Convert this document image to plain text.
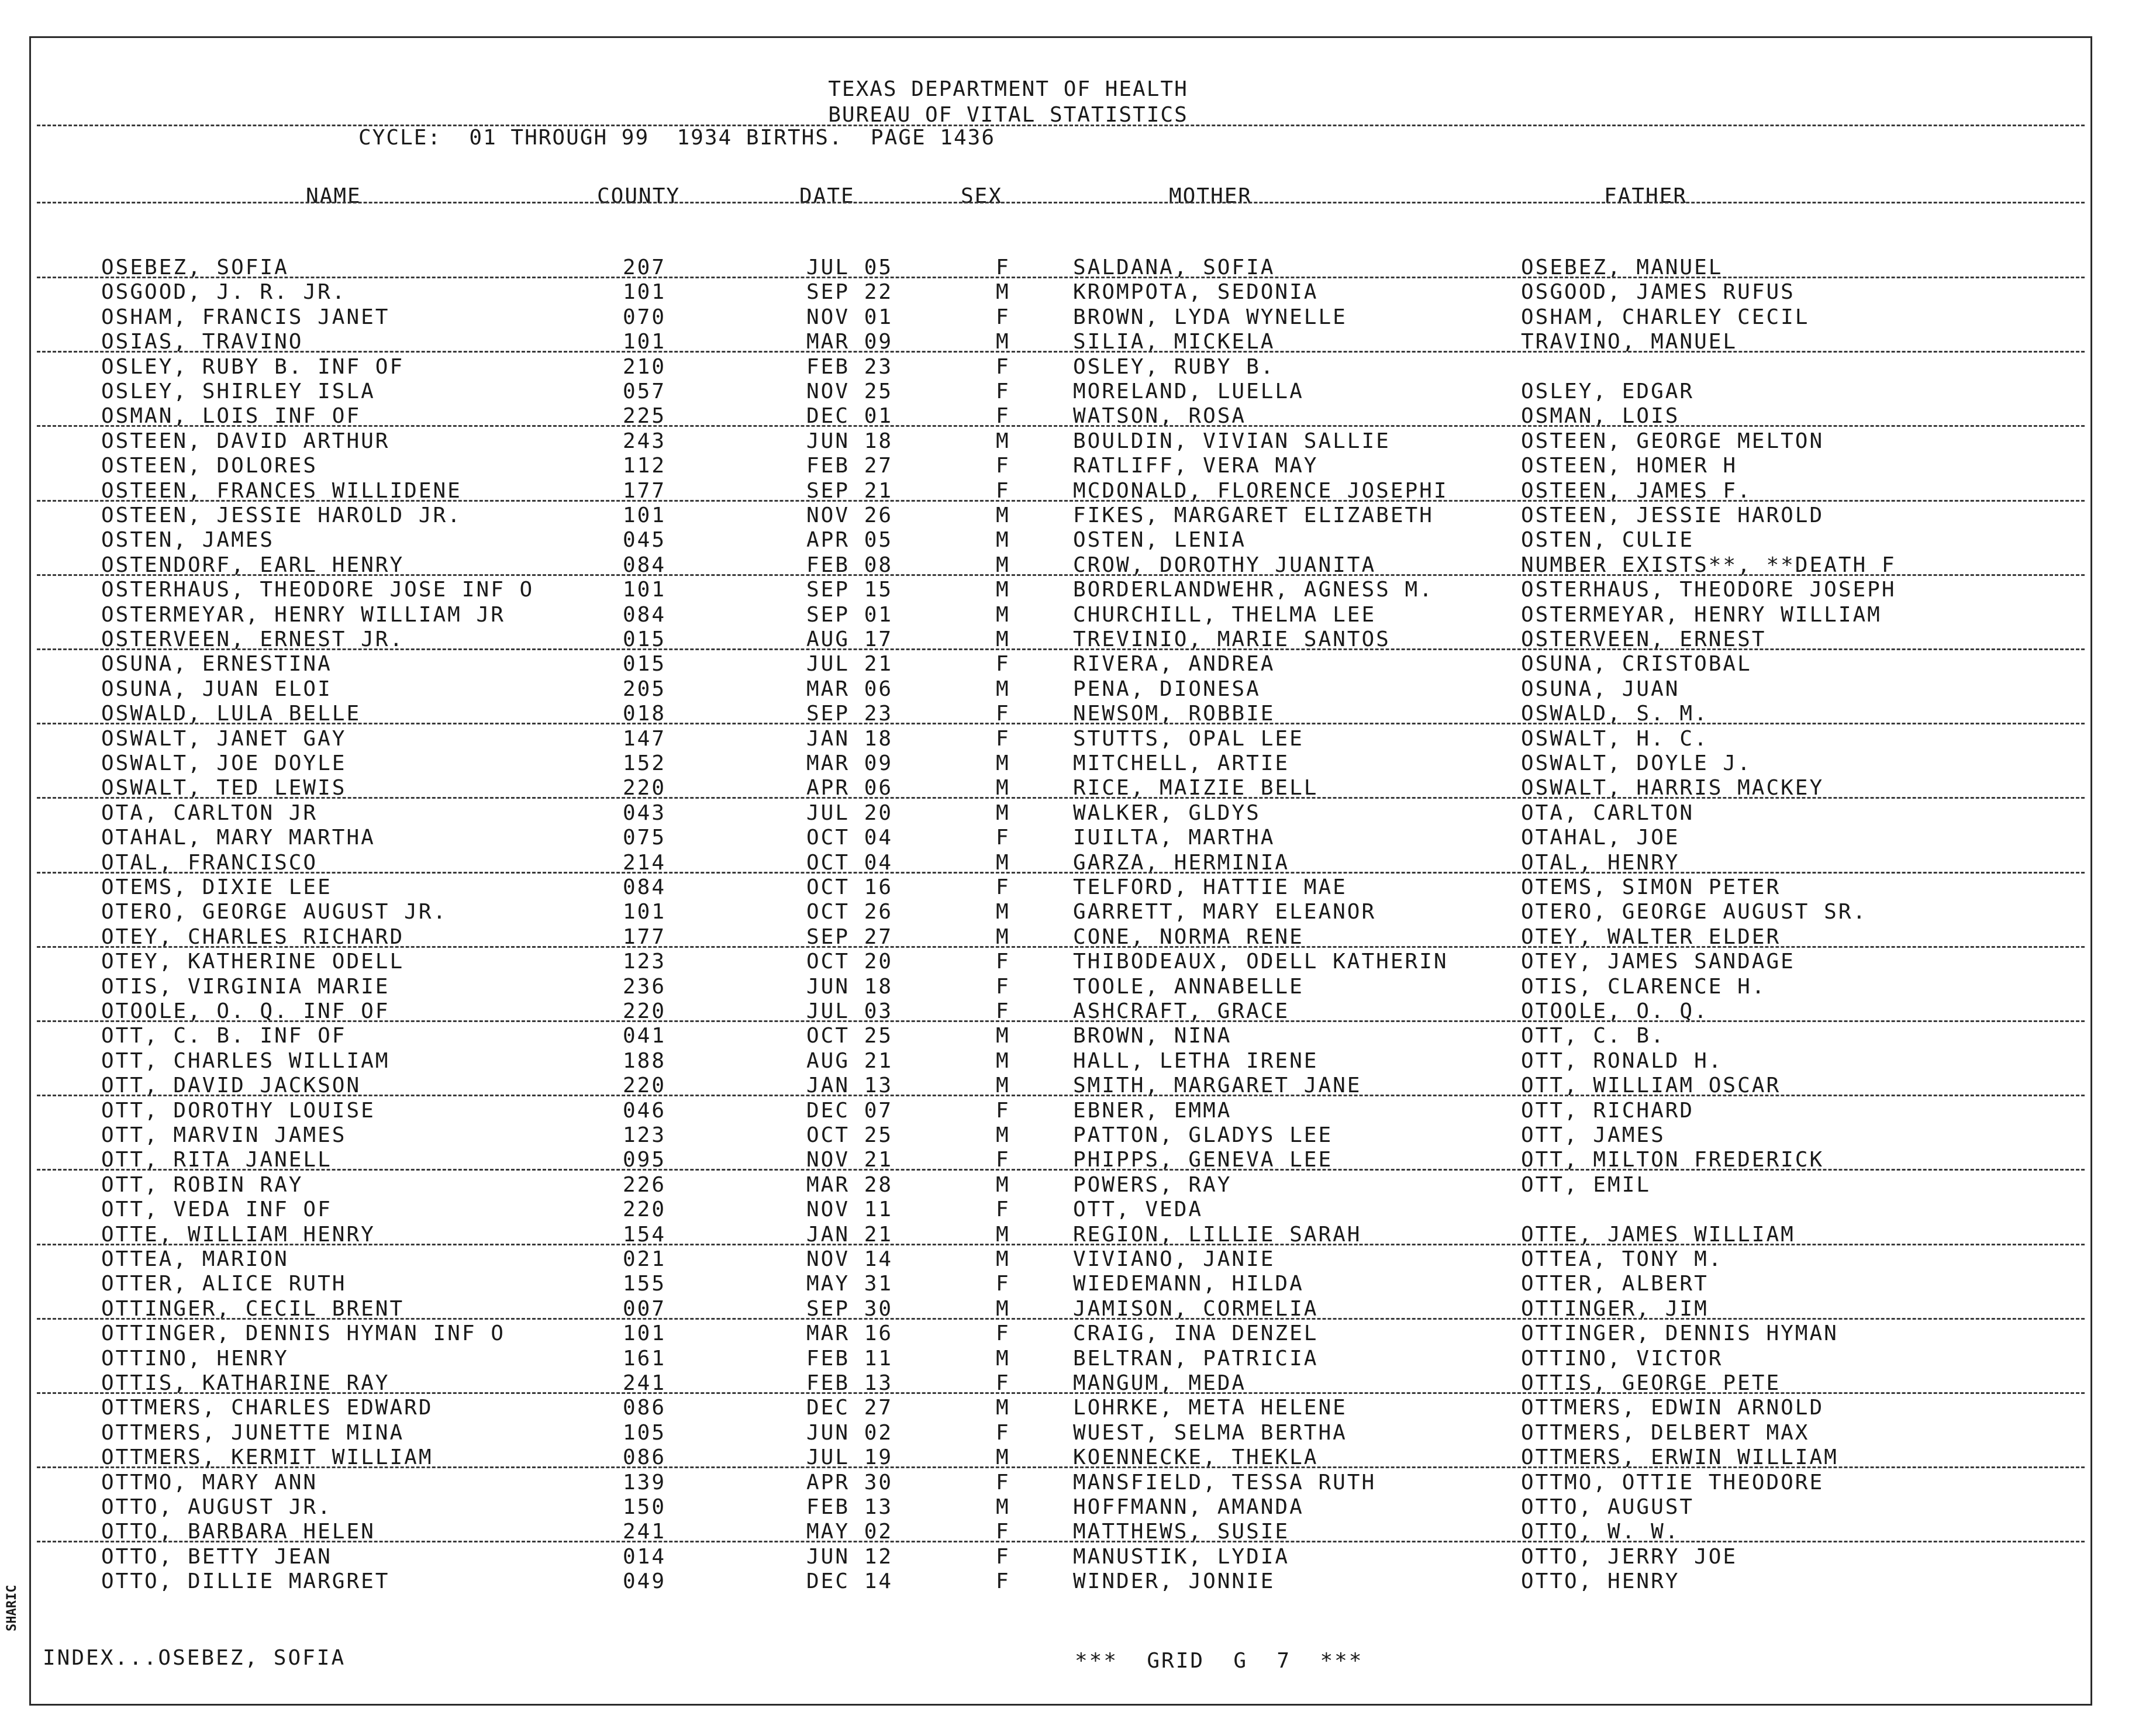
TEXAS DEPARTMENT OF HEALTH
BUREAU OF VITAL STATISTICS
CYCLE:  01 THROUGH 99  1934 BIRTHS.  PAGE 1436
NAME	COUNTY	DATE	SEX	MOTHER	FATHER
OSEBEZ, SOFIA	207	JUL 05	F	SALDANA, SOFIA	OSEBEZ, MANUEL
OSGOOD, J. R. JR.	101	SEP 22	M	KROMPOTA, SEDONIA	OSGOOD, JAMES RUFUS
OSHAM, FRANCIS JANET	070	NOV 01	F	BROWN, LYDA WYNELLE	OSHAM, CHARLEY CECIL
OSIAS, TRAVINO	101	MAR 09	M	SILIA, MICKELA	TRAVINO, MANUEL
OSLEY, RUBY B. INF OF	210	FEB 23	F	OSLEY, RUBY B.
OSLEY, SHIRLEY ISLA	057	NOV 25	F	MORELAND, LUELLA	OSLEY, EDGAR
OSMAN, LOIS INF OF	225	DEC 01	F	WATSON, ROSA	OSMAN, LOIS
OSTEEN, DAVID ARTHUR	243	JUN 18	M	BOULDIN, VIVIAN SALLIE	OSTEEN, GEORGE MELTON
OSTEEN, DOLORES	112	FEB 27	F	RATLIFF, VERA MAY	OSTEEN, HOMER H
OSTEEN, FRANCES WILLIDENE	177	SEP 21	F	MCDONALD, FLORENCE JOSEPHI	OSTEEN, JAMES F.
OSTEEN, JESSIE HAROLD JR.	101	NOV 26	M	FIKES, MARGARET ELIZABETH	OSTEEN, JESSIE HAROLD
OSTEN, JAMES	045	APR 05	M	OSTEN, LENIA	OSTEN, CULIE
OSTENDORF, EARL HENRY	084	FEB 08	M	CROW, DOROTHY JUANITA	NUMBER EXISTS**, **DEATH F
OSTERHAUS, THEODORE JOSE INF O	101	SEP 15	M	BORDERLANDWEHR, AGNESS M.	OSTERHAUS, THEODORE JOSEPH
OSTERMEYAR, HENRY WILLIAM JR	084	SEP 01	M	CHURCHILL, THELMA LEE	OSTERMEYAR, HENRY WILLIAM
OSTERVEEN, ERNEST JR.	015	AUG 17	M	TREVINIO, MARIE SANTOS	OSTERVEEN, ERNEST
OSUNA, ERNESTINA	015	JUL 21	F	RIVERA, ANDREA	OSUNA, CRISTOBAL
OSUNA, JUAN ELOI	205	MAR 06	M	PENA, DIONESA	OSUNA, JUAN
OSWALD, LULA BELLE	018	SEP 23	F	NEWSOM, ROBBIE	OSWALD, S. M.
OSWALT, JANET GAY	147	JAN 18	F	STUTTS, OPAL LEE	OSWALT, H. C.
OSWALT, JOE DOYLE	152	MAR 09	M	MITCHELL, ARTIE	OSWALT, DOYLE J.
OSWALT, TED LEWIS	220	APR 06	M	RICE, MAIZIE BELL	OSWALT, HARRIS MACKEY
OTA, CARLTON JR	043	JUL 20	M	WALKER, GLDYS	OTA, CARLTON
OTAHAL, MARY MARTHA	075	OCT 04	F	IUILTA, MARTHA	OTAHAL, JOE
OTAL, FRANCISCO	214	OCT 04	M	GARZA, HERMINIA	OTAL, HENRY
OTEMS, DIXIE LEE	084	OCT 16	F	TELFORD, HATTIE MAE	OTEMS, SIMON PETER
OTERO, GEORGE AUGUST JR.	101	OCT 26	M	GARRETT, MARY ELEANOR	OTERO, GEORGE AUGUST SR.
OTEY, CHARLES RICHARD	177	SEP 27	M	CONE, NORMA RENE	OTEY, WALTER ELDER
OTEY, KATHERINE ODELL	123	OCT 20	F	THIBODEAUX, ODELL KATHERIN	OTEY, JAMES SANDAGE
OTIS, VIRGINIA MARIE	236	JUN 18	F	TOOLE, ANNABELLE	OTIS, CLARENCE H.
OTOOLE, O. Q. INF OF	220	JUL 03	F	ASHCRAFT, GRACE	OTOOLE, O. Q.
OTT, C. B. INF OF	041	OCT 25	M	BROWN, NINA	OTT, C. B.
OTT, CHARLES WILLIAM	188	AUG 21	M	HALL, LETHA IRENE	OTT, RONALD H.
OTT, DAVID JACKSON	220	JAN 13	M	SMITH, MARGARET JANE	OTT, WILLIAM OSCAR
OTT, DOROTHY LOUISE	046	DEC 07	F	EBNER, EMMA	OTT, RICHARD
OTT, MARVIN JAMES	123	OCT 25	M	PATTON, GLADYS LEE	OTT, JAMES
OTT, RITA JANELL	095	NOV 21	F	PHIPPS, GENEVA LEE	OTT, MILTON FREDERICK
OTT, ROBIN RAY	226	MAR 28	M	POWERS, RAY	OTT, EMIL
OTT, VEDA INF OF	220	NOV 11	F	OTT, VEDA
OTTE, WILLIAM HENRY	154	JAN 21	M	REGION, LILLIE SARAH	OTTE, JAMES WILLIAM
OTTEA, MARION	021	NOV 14	M	VIVIANO, JANIE	OTTEA, TONY M.
OTTER, ALICE RUTH	155	MAY 31	F	WIEDEMANN, HILDA	OTTER, ALBERT
OTTINGER, CECIL BRENT	007	SEP 30	M	JAMISON, CORMELIA	OTTINGER, JIM
OTTINGER, DENNIS HYMAN INF O	101	MAR 16	F	CRAIG, INA DENZEL	OTTINGER, DENNIS HYMAN
OTTINO, HENRY	161	FEB 11	M	BELTRAN, PATRICIA	OTTINO, VICTOR
OTTIS, KATHARINE RAY	241	FEB 13	F	MANGUM, MEDA	OTTIS, GEORGE PETE
OTTMERS, CHARLES EDWARD	086	DEC 27	M	LOHRKE, META HELENE	OTTMERS, EDWIN ARNOLD
OTTMERS, JUNETTE MINA	105	JUN 02	F	WUEST, SELMA BERTHA	OTTMERS, DELBERT MAX
OTTMERS, KERMIT WILLIAM	086	JUL 19	M	KOENNECKE, THEKLA	OTTMERS, ERWIN WILLIAM
OTTMO, MARY ANN	139	APR 30	F	MANSFIELD, TESSA RUTH	OTTMO, OTTIE THEODORE
OTTO, AUGUST JR.	150	FEB 13	M	HOFFMANN, AMANDA	OTTO, AUGUST
OTTO, BARBARA HELEN	241	MAY 02	F	MATTHEWS, SUSIE	OTTO, W. W.
OTTO, BETTY JEAN	014	JUN 12	F	MANUSTIK, LYDIA	OTTO, JERRY JOE
OTTO, DILLIE MARGRET	049	DEC 14	F	WINDER, JONNIE	OTTO, HENRY
INDEX...OSEBEZ, SOFIA	***  GRID  G  7  ***
SHARIC
